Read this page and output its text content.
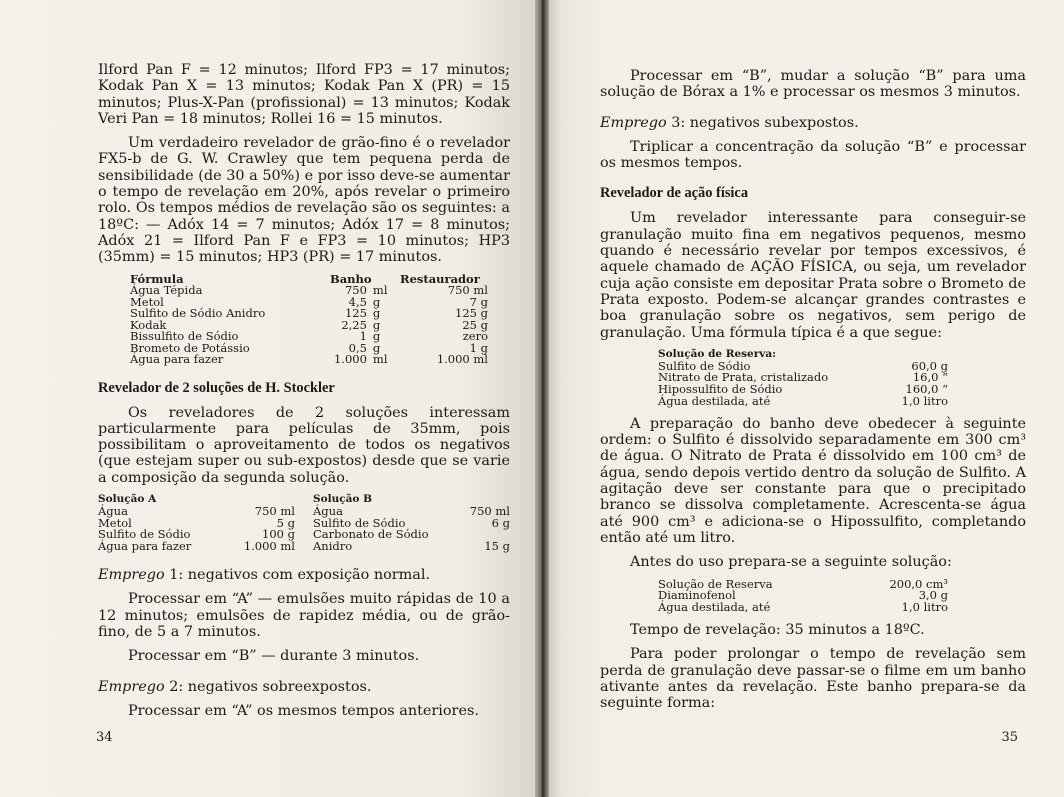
Ilford Pan F = 12 minutos; Ilford FP3 = 17 minutos; Kodak Pan X = 13 minutos; Kodak Pan X (PR) = 15 minutos; Plus-X-Pan (profissional) = 13 minutos; Kodak Veri Pan = 18 minutos; Rollei 16 = 15 minutos.

Um verdadeiro revelador de grão-fino é o revelador FX5-b de G. W. Crawley que tem pequena perda de sensibilidade (de 30 a 50%) e por isso deve-se aumentar o tempo de revelação em 20%, após revelar o primeiro rolo. Os tempos médios de revelação são os seguintes: a 18ºC: — Adóx 14 = 7 minutos; Adóx 17 = 8 minutos; Adóx 21 = Ilford Pan F e FP3 = 10 minutos; HP3 (35mm) = 15 minutos; HP3 (PR) = 17 minutos.

Fórmula	Banho		Restaurador
Água Tépida	750	ml	750 ml
Metol	4,5	g	7 g
Sulfito de Sódio Anidro	125	g	125 g
Kodak	2,25	g	25 g
Bissulfito de Sódio	1	g	zero
Brometo de Potássio	0,5	g	1 g
Água para fazer	1.000	ml	1.000 ml
Revelador de 2 soluções de H. Stockler

Os reveladores de 2 soluções interessam particularmente para películas de 35mm, pois possibilitam o aproveitamento de todos os negativos (que estejam super ou sub-expostos) desde que se varie a composição da segunda solução.

Solução A
Água	750 ml
Metol	5 g
Sulfito de Sódio	100 g
Água para fazer	1.000 ml
Solução B
Água	750 ml
Sulfito de Sódio	6 g
Carbonato de Sódio
Anidro	15 g

Emprego 1: negativos com exposição normal.

Processar em “A” — emulsões muito rápidas de 10 a 12 minutos; emulsões de rapidez média, ou de grão-fino, de 5 a 7 minutos.

Processar em “B” — durante 3 minutos.

Emprego 2: negativos sobreexpostos.

Processar em “A” os mesmos tempos anteriores.

34

Processar em “B”, mudar a solução “B” para uma solução de Bórax a 1% e processar os mesmos 3 minutos.

Emprego 3: negativos subexpostos.

Triplicar a concentração da solução “B” e processar os mesmos tempos.

Revelador de ação física

Um revelador interessante para conseguir-se granulação muito fina em negativos pequenos, mesmo quando é necessário revelar por tempos excessivos, é aquele chamado de AÇÃO FÍSICA, ou seja, um revelador cuja ação consiste em depositar Prata sobre o Brometo de Prata exposto. Podem-se alcançar grandes contrastes e boa granulação sobre os negativos, sem perigo de granulação. Uma fórmula típica é a que segue:

Solução de Reserva:
Sulfito de Sódio	60,0 g
Nitrato de Prata, cristalizado	16,0 “
Hipossulfito de Sódio	160,0 “
Água destilada, até	1,0 litro

A preparação do banho deve obedecer à seguinte ordem: o Sulfito é dissolvido separadamente em 300 cm³ de água. O Nitrato de Prata é dissolvido em 100 cm³ de água, sendo depois vertido dentro da solução de Sulfito. A agitação deve ser constante para que o precipitado branco se dissolva completamente. Acrescenta-se água até 900 cm³ e adiciona-se o Hipossulfito, completando então até um litro.

Antes do uso prepara-se a seguinte solução:

Solução de Reserva	200,0 cm³
Diaminofenol	3,0 g
Água destilada, até	1,0 litro

Tempo de revelação: 35 minutos a 18ºC.

Para poder prolongar o tempo de revelação sem perda de granulação deve passar-se o filme em um banho ativante antes da revelação. Este banho prepara-se da seguinte forma:

35
